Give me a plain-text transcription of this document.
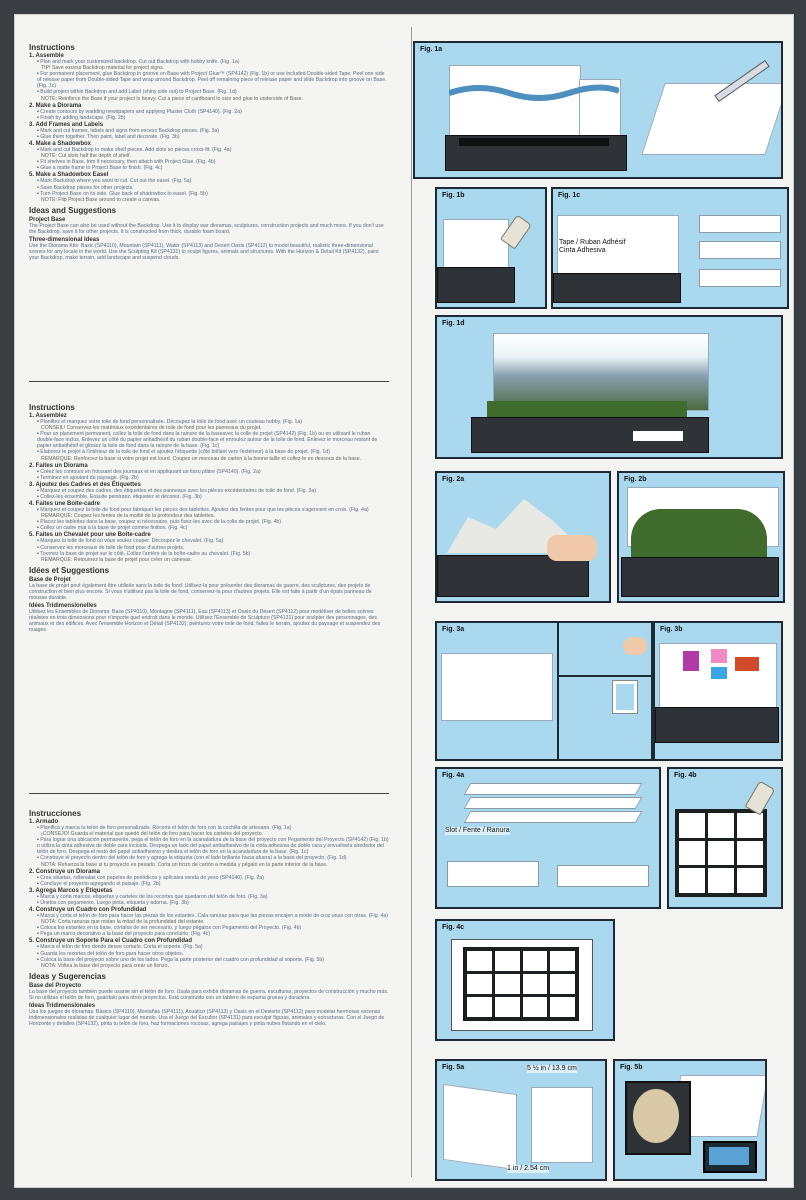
Instructions
1. Assemble
• Plan and mark your customized backdrop. Cut out Backdrop with hobby knife. (Fig. 1a)
TIP! Save excess Backdrop material for project signs.
• For permanent placement, glue Backdrop in groove on Base with Project Glue™ (SP4142) (Fig. 1b) or use included Double-sided Tape. Peel one side of release paper from Double-sided Tape and wrap around Backdrop. Peel off remaining piece of release paper and slide Backdrop into groove on Base. (Fig. 1c)
• Build project within Backdrop and add Label (shiny side out) to Project Base. (Fig. 1d)
NOTE: Reinforce the Base if your project is heavy. Cut a piece of cardboard to size and glue to underside of Base.
2. Make a Diorama
• Create contours by wadding newspapers and applying Plaster Cloth (SP4140). (Fig. 2a)
• Finish by adding landscape. (Fig. 2b)
3. Add Frames and Labels
• Mark and cut frames, labels and signs from excess Backdrop pieces. (Fig. 3a)
• Glue them together. Then paint, label and decorate. (Fig. 3b)
4. Make a Shadowbox
• Mark and cut Backdrop to make shelf pieces. Add slots so pieces cross-fit. (Fig. 4a)
NOTE: Cut slots half the depth of shelf.
• Fit shelves in Base, trim if necessary, then attach with Project Glue. (Fig. 4b)
• Glue a matte frame to Project Base to finish. (Fig. 4c)
5. Make a Shadowbox Easel
• Mark Backdrop where you want to cut. Cut out the easel. (Fig. 5a)
• Save Backdrop pieces for other projects.
• Turn Project Base on its side. Glue back of shadowbox to easel. (Fig. 5b)
NOTE: Flip Project Base around to create a canvas.
Ideas and Suggestions
Project Base
The Project Base can also be used without the Backdrop. Use it to display war dioramas, sculptures, construction projects and much more. If you don't use the Backdrop, save it for other projects. It is constructed from thick, durable foam board.
Three-dimensional Ideas
Use the Diorama Kits: Basic (SP4110), Mountain (SP4111), Water (SP4113) and Desert Oasis (SP4112) to model beautiful, realistic three-dimensional scenes for any locale in the world. Use the Sculpting Kit (SP4131) to sculpt figures, animals and structures. With the Horizon & Detail Kit (SP4132), paint your Backdrop, make terrain, add landscape and suspend clouds.
Instructions
1. Assemblez
• Planifiez et marquez votre toile de fond personnalisée. Découpez la toile de fond avec un couteau hobby. (Fig. 1a)
CONSEIL! Conservez les matériaux excédentaires de toile de fond pour les panneaux du projet.
• Pour un placement permanent, collez la toile de fond dans la rainure de la baseavec la colle de projet (SP4142) (Fig. 1b) ou en utilisant le ruban double-face inclus. Enlevez un côté du papier antiadhésif du ruban double-face et enroulez autour de la toile de fond. Enlevez le morceau restant de papier antiadhésif et glissez la toile de fond dans la rainure de la base. (Fig. 1c)
• Élaborez le projet à l'intérieur de la toile de fond et ajoutez l'étiquette (côté brillant vers l'extérieur) à la base de projet. (Fig. 1d)
REMARQUE: Renforcez la base si votre projet est lourd. Coupez un morceau de carton à la bonne taille et collez-le en dessous de la base.
2. Faites un Diorama
• Créez les contours en froissant des journaux et en appliquant un tissu plâtre (SP4140). (Fig. 2a)
• Terminez en ajoutant du paysage. (Fig. 2b)
3. Ajoutez des Cadres et des Étiquettes
• Marquez et coupez des cadres, des étiquettes et des panneaux avec les pièces excédentaires de toile de fond. (Fig. 3a)
• Collez-les ensemble. Ensuite peinturez, étiquetez et décorez. (Fig. 3b)
4. Faites une Boîte-cadre
• Marquez et coupez la toile de fond pour fabriquer les pièces des tablettes. Ajoutez des fentes pour que les pièces s'agencent en croix. (Fig. 4a)
REMARQUE: Coupez les fentes de la moitié de la profondeur des tablettes.
• Placez les tablettes dans la base, coupez si nécessaire, puis fixez-les avec de la colle de projet. (Fig. 4b)
• Collez un cadre mat à la base de projet comme finition. (Fig. 4c)
5. Faites un Chevalet pour une Boîte-cadre
• Marquez la toile de fond où vous voulez couper. Découpez le chevalet. (Fig. 5a)
• Conservez les morceaux de toile de fond pour d'autres projets.
• Tournez la base de projet sur le côté. Collez l'arrière de la boîte-cadre au chevalet. (Fig. 5b)
REMARQUE: Retournez la base de projet pour créer un canevas.
Idées et Suggestions
Base de Projet
La base de projet peut également être utilisée sans la toile de fond. Utilisez-la pour présenter des dioramas de guerre, des sculptures, des projets de construction et bien plus encore. Si vous n'utilisez pas la toile de fond, conservez-la pour d'autres projets. Elle est faite à partir d'un épais panneau de mousse durable.
Idées Tridimensionelles
Utilisez les Ensembles de Diorama: Base (SP4110), Montagne (SP4111), Eau (SP4113) et Oasis du Désert (SP4112) pour modéliser de belles scènes réalistes en trois dimensions pour n'importe quel endroit dans le monde. Utilisez l'Ensemble de Sculpture (SP4131) pour sculpter des personnages, des animaux et des édifices. Avec l'ensemble Horizon et Détail (SP4132), peinturez votre toile de fond, faites le terrain, ajoutez du paysage et suspendez des nuages.
Instrucciones
1. Armado
• Planifica y marca tu telón de foro personalizado. Recorta el telón de foro con la cuchilla de artesano. (Fig. 1a)
¡CONSEJO! Guarda el material que quedó del telón de foro para hacer los carteles del proyecto.
• Para lograr una ubicación permanente, pega el telón de foro en la acanaladura de la base del proyecto con Pegamento del Proyecto (SP4142) (Fig. 1b) o utiliza la cinta adhesiva de doble cara incluida. Despega un lado del papel antiadhesivo de la cinta adhesiva de doble cara y envuélvela alrededor del telón de foro. Despega el resto del papel antiadhesivo y desliza el telón de foro en la acanaladura de la base. (Fig. 1c)
• Construye el proyecto dentro del telón de foro y agrega la etiqueta (con el lado brillante hacia afuera) a la base del proyecto. (Fig. 1d)
NOTA: Refuerza la base si tu proyecto es pesado. Corta un trozo de cartón a medida y pégalo en la parte inferior de la base.
2. Construye un Diorama
• Crea siluetas, rellenalas con papeles de periódicos y aplícales venda de yeso (SP4140). (Fig. 2a)
• Concluye el proyecto agregando el paisaje. (Fig. 2b)
3. Agrega Marcos y Etiquetas
• Marca y corta marcos, etiquetas y carteles de los recortes que quedaron del telón de foro. (Fig. 3a)
• Únelos con pegamento. Luego pinta, etiqueta y adorna. (Fig. 3b)
4. Construye un Cuadro con Profundidad
• Marca y corta el telón de foro para hacer las piezas de los estantes. Cala ranuras para que las piezas encajen a modo de cruz unas con otras. (Fig. 4a)
NOTA: Corta ranuras que midan la mitad de la profundidad del estante.
• Coloca los estantes en la base, córtalos de ser necesario, y luego pégalos con Pegamento del Proyecto. (Fig. 4b)
• Pega un marco decorativo a la base del proyecto para concluirlo. (Fig. 4c)
5. Construye un Soporte Para el Cuadro con Profundidad
• Marca el telón de foro donde desee cortarlo. Corta el soporte. (Fig. 5a)
• Guarda los recortes del telón de foro para hacer otros objetos.
• Coloca la base del proyecto sobre uno de los lados. Pega la parte posterior del cuadro con profundidad al soporte. (Fig. 5b)
NOTA: Voltea la base del proyecto para crear un lienzo.
Ideas y Sugerencias
Base del Proyecto
La base del proyecto también puede usarse sin el telón de foro. Usala para exhibir dioramas de guerra, esculturas, proyectos de construcción y mucho más. Si no utilizas el telón de foro, guárdalo para otros proyectos. Está construido con un tablero de espuma gruesa y duradera.
Ideas Tridimensionales
Usa los juegos de dioramas: Básico (SP4110), Montañas (SP4111), Acuático (SP4113) y Oasis en el Desierto (SP4112) para modelar hermosas escenas tridimensionales realistas de cualquier lugar del mundo. Usa el Juego del Escultor (SP4131) para esculpir figuras, animales y estructuras. Con el Juego de Horizonte y detalles (SP4132), pinta tu telón de foro, haz formaciones rocosas, agrega paisajes y pinta nubes flotando en el cielo.
Fig. 1a
Fig. 1b	Fig. 1c
Tape / Ruban Adhésif
Cinta Adhesiva
Fig. 1d
Fig. 2a	Fig. 2b
Fig. 3a	Fig. 3b
Fig. 4a
Slot / Fente / Ranura
Fig. 4b
Fig. 4c
Fig. 5a	5 ½ in / 13.9 cm
1 in / 2.54 cm
Fig. 5b
